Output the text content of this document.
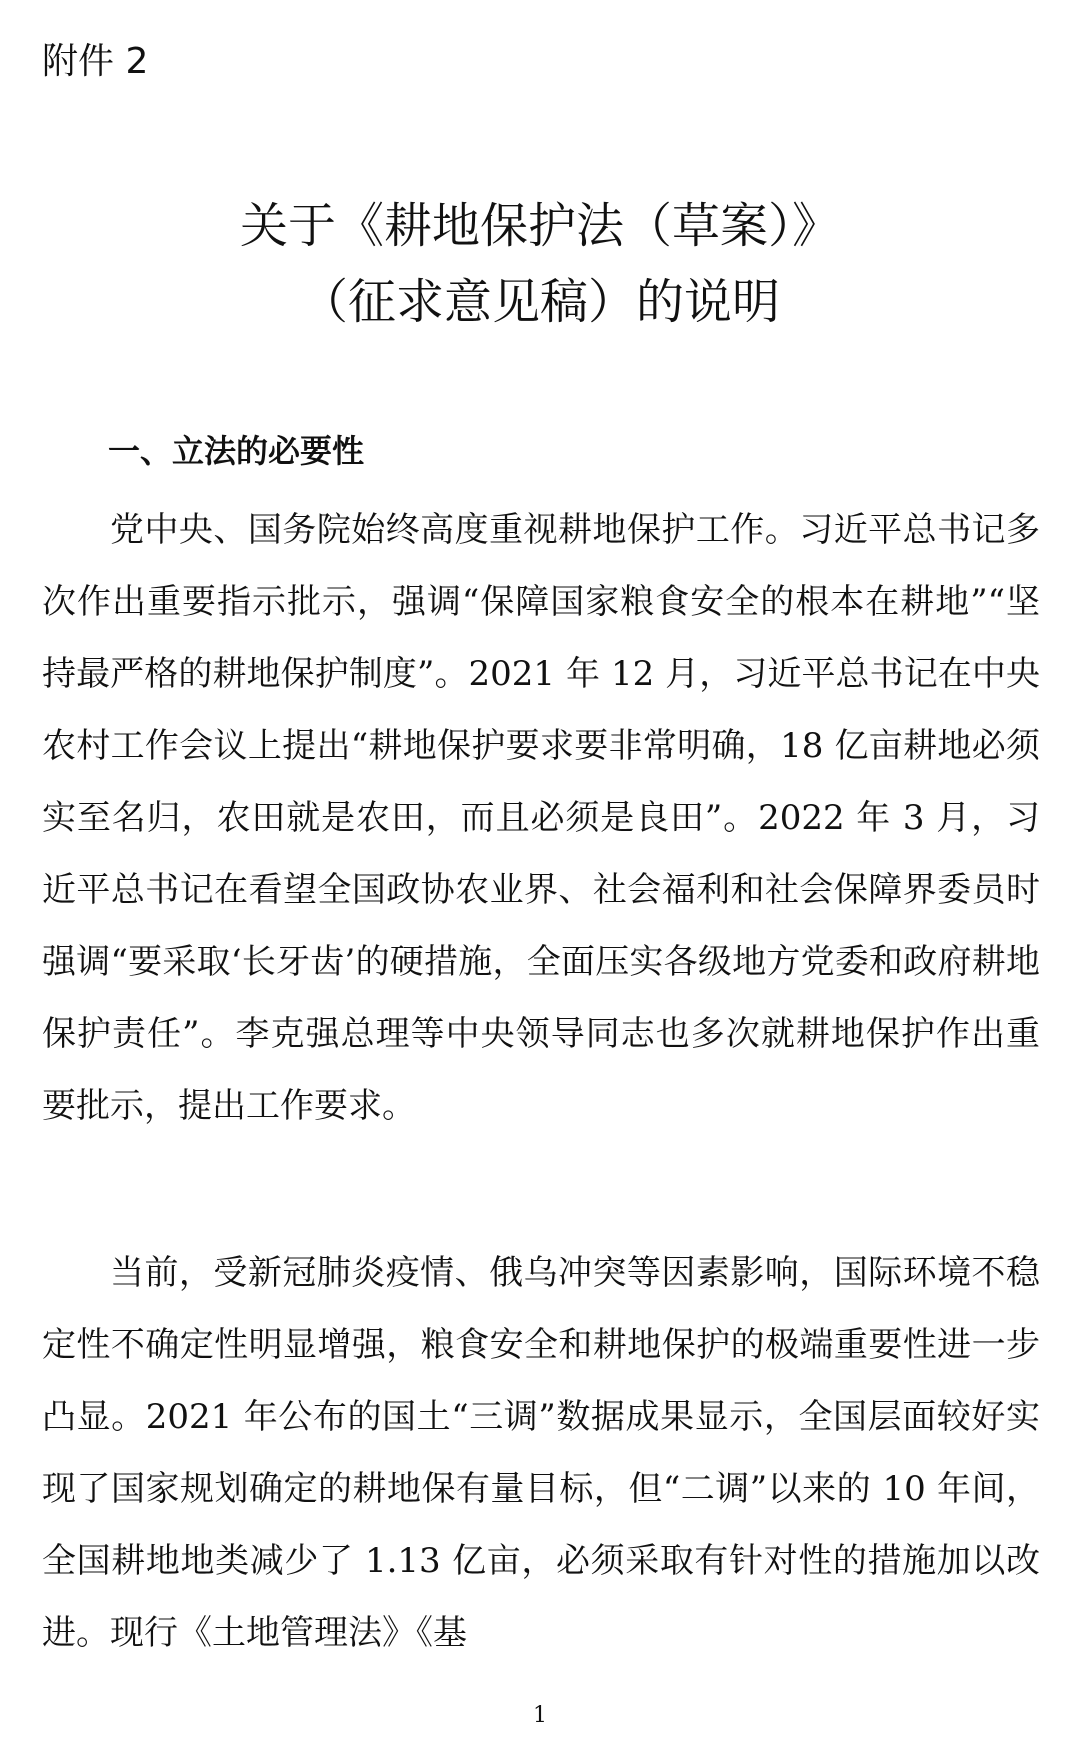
附件 2

关于《耕地保护法（草案）》
（征求意见稿）的说明
一、立法的必要性

党中央、国务院始终高度重视耕地保护工作。习近平总书记多次作出重要指示批示，强调“保障国家粮食安全的根本在耕地”“坚持最严格的耕地保护制度”。2021 年 12 月，习近平总书记在中央农村工作会议上提出“耕地保护要求要非常明确，18 亿亩耕地必须实至名归，农田就是农田，而且必须是良田”。2022 年 3 月，习近平总书记在看望全国政协农业界、社会福利和社会保障界委员时强调“要采取‘长牙齿’的硬措施，全面压实各级地方党委和政府耕地保护责任”。李克强总理等中央领导同志也多次就耕地保护作出重要批示，提出工作要求。

当前，受新冠肺炎疫情、俄乌冲突等因素影响，国际环境不稳定性不确定性明显增强，粮食安全和耕地保护的极端重要性进一步凸显。2021 年公布的国土“三调”数据成果显示，全国层面较好实现了国家规划确定的耕地保有量目标，但“二调”以来的 10 年间，全国耕地地类减少了 1.13 亿亩，必须采取有针对性的措施加以改进。现行《土地管理法》《基

1
